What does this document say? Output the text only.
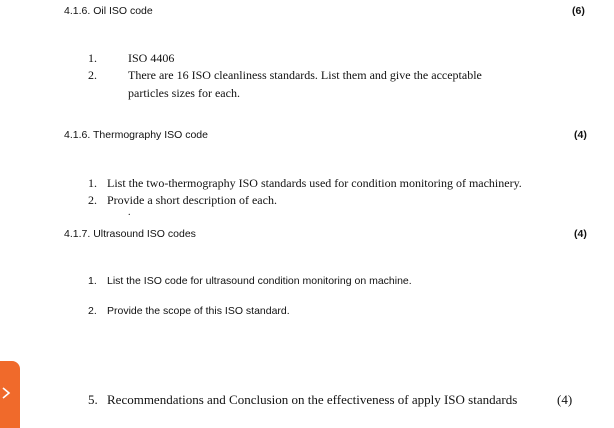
4.1.6. Oil ISO code	(6)
1.	ISO 4406
2.	There are 16 ISO cleanliness standards. List them and give the acceptable
particles sizes for each.
4.1.6. Thermography ISO code	(4)
1. List the two-thermography ISO standards used for condition monitoring of machinery.
2. Provide a short description of each.
.
4.1.7. Ultrasound ISO codes	(4)
1. List the ISO code for ultrasound condition monitoring on machine.
2. Provide the scope of this ISO standard.
5. Recommendations and Conclusion on the effectiveness of apply ISO standards	(4)
